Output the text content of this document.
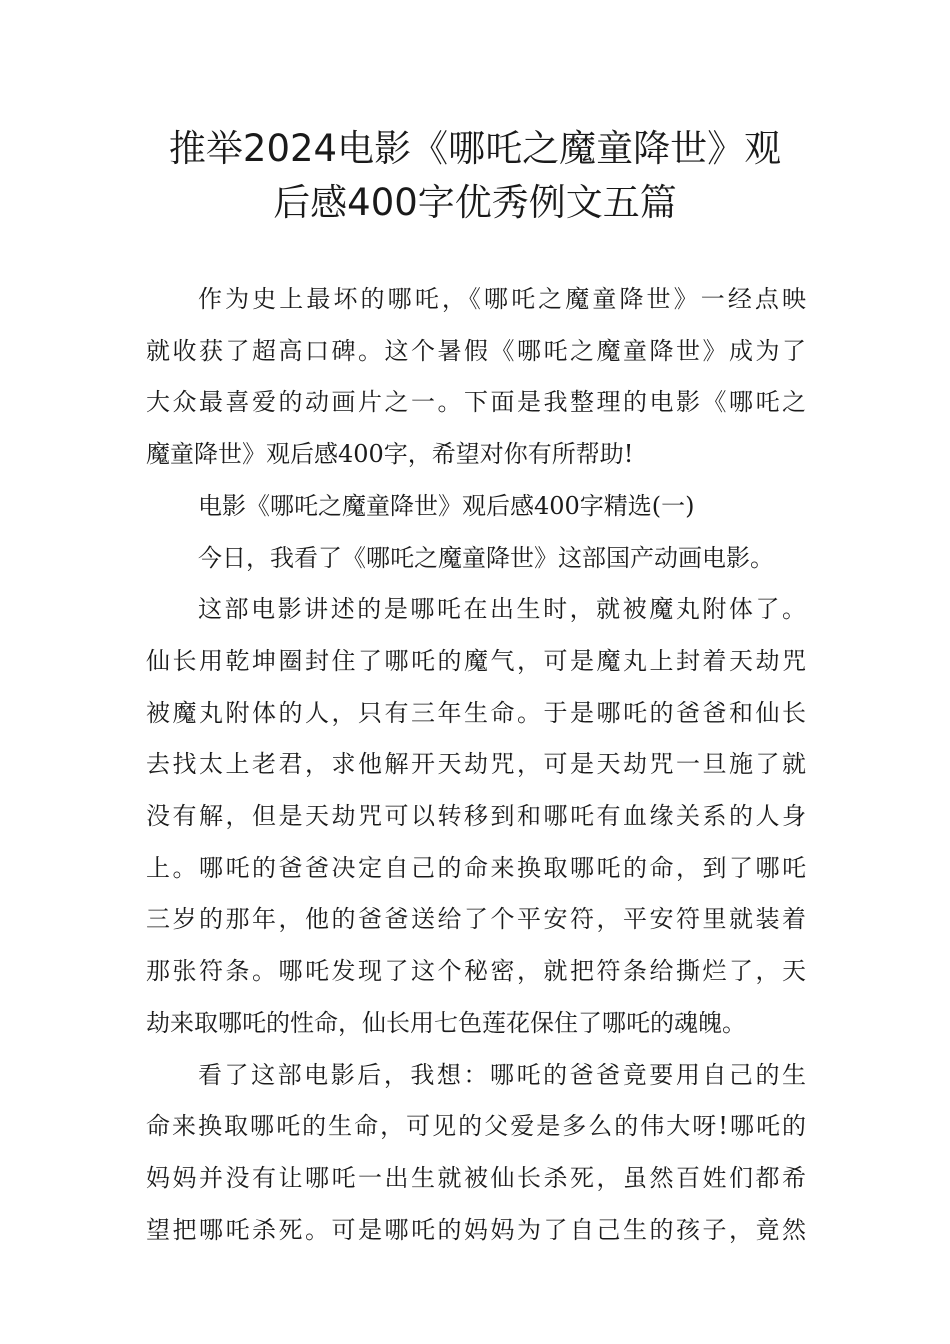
推举2024电影《哪吒之魔童降世》观
后感400字优秀例文五篇

作为史上最坏的哪吒，《哪吒之魔童降世》一经点映
就收获了超高口碑。这个暑假《哪吒之魔童降世》成为了
大众最喜爱的动画片之一。下面是我整理的电影《哪吒之
魔童降世》观后感400字，希望对你有所帮助!

电影《哪吒之魔童降世》观后感400字精选(一)

今日，我看了《哪吒之魔童降世》这部国产动画电影。

这部电影讲述的是哪吒在出生时，就被魔丸附体了。
仙长用乾坤圈封住了哪吒的魔气，可是魔丸上封着天劫咒
被魔丸附体的人，只有三年生命。于是哪吒的爸爸和仙长
去找太上老君，求他解开天劫咒，可是天劫咒一旦施了就
没有解，但是天劫咒可以转移到和哪吒有血缘关系的人身
上。哪吒的爸爸决定自己的命来换取哪吒的命，到了哪吒
三岁的那年，他的爸爸送给了个平安符，平安符里就装着
那张符条。哪吒发现了这个秘密，就把符条给撕烂了，天
劫来取哪吒的性命，仙长用七色莲花保住了哪吒的魂魄。

看了这部电影后，我想：哪吒的爸爸竟要用自己的生
命来换取哪吒的生命，可见的父爱是多么的伟大呀!哪吒的
妈妈并没有让哪吒一出生就被仙长杀死，虽然百姓们都希
望把哪吒杀死。可是哪吒的妈妈为了自己生的孩子，竟然
